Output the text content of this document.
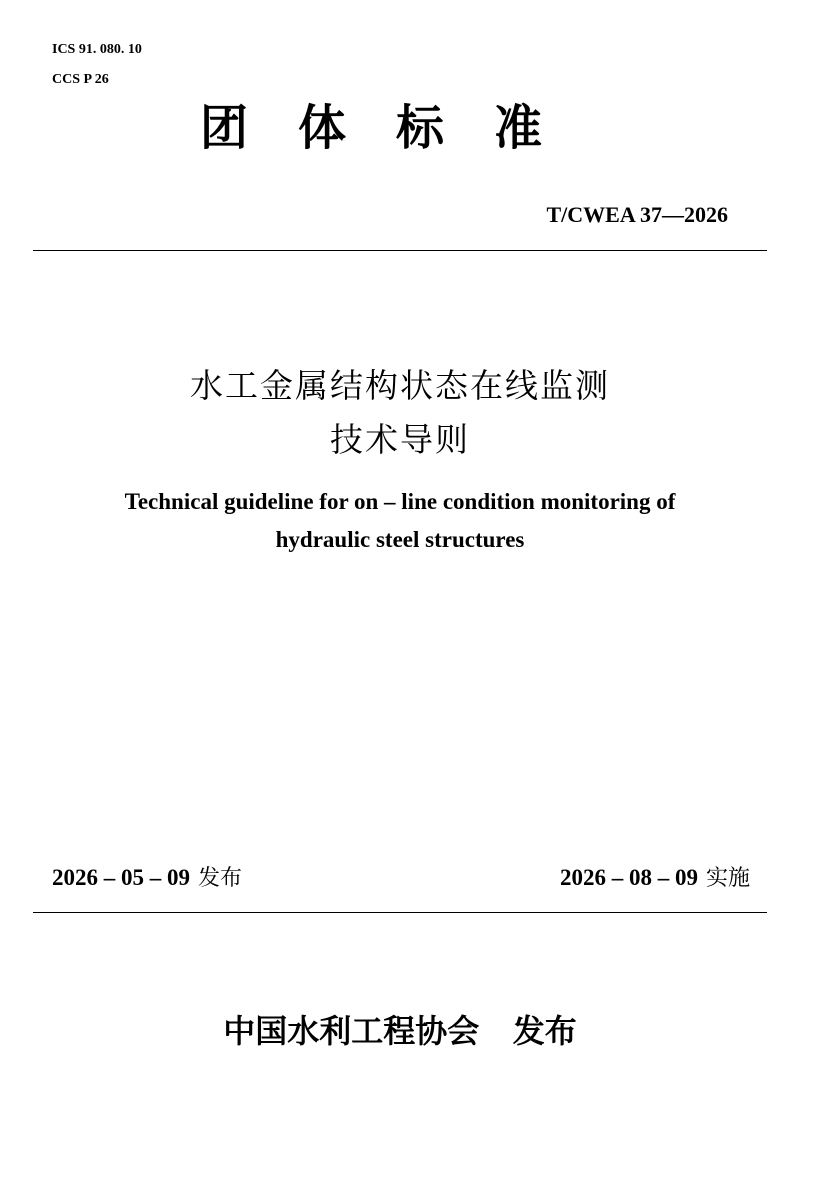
ICS 91. 080. 10

CCS P 26

团体标准
T/CWEA 37—2026
水工金属结构状态在线监测
技术导则
Technical guideline for on – line condition monitoring of
hydraulic steel structures
2026 – 05 – 09 发布	2026 – 08 – 09 实施
中国水利工程协会 发布
